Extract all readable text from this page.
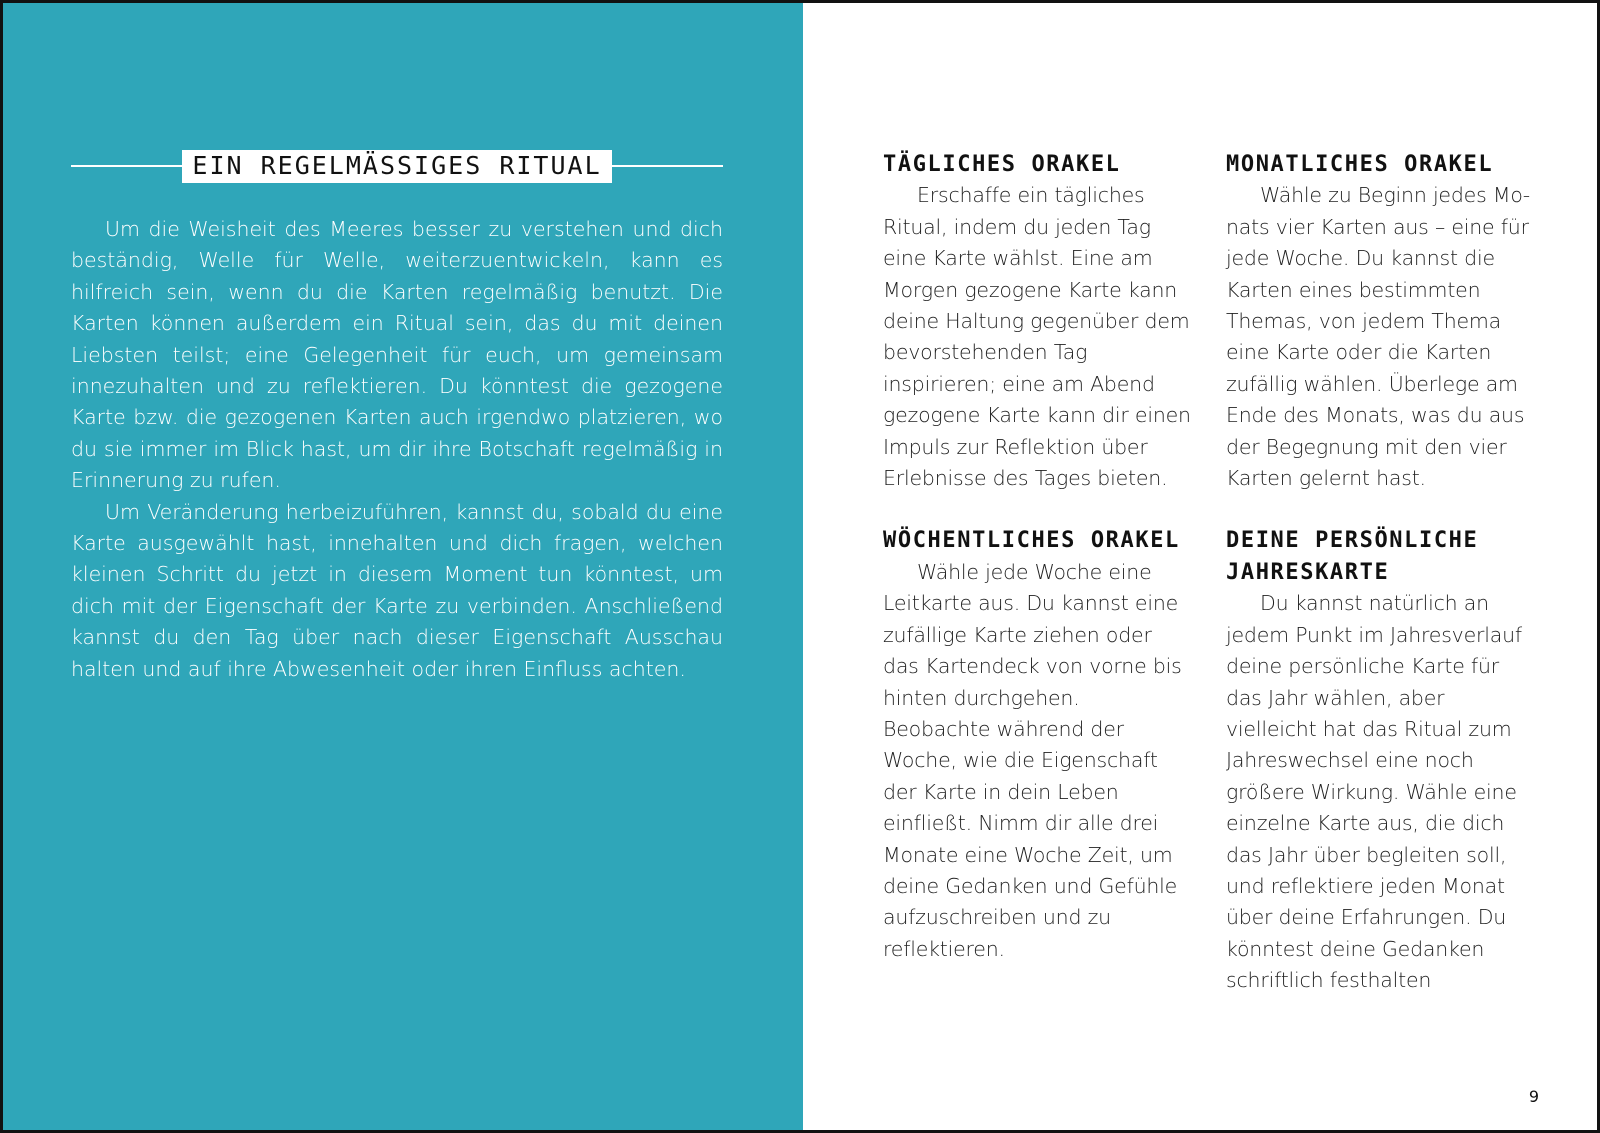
EIN REGELMÄSSIGES RITUAL

Um die Weisheit des Meeres besser zu verstehen und dich beständig, Welle für Welle, weiterzuentwickeln, kann es hilfreich sein, wenn du die Karten regelmäßig benutzt. Die Karten können außerdem ein Ritual sein, das du mit deinen Liebsten teilst; eine Gelegenheit für euch, um gemeinsam innezuhalten und zu reflektieren. Du könntest die gezogene Karte bzw. die gezogenen Karten auch irgendwo platzieren, wo du sie immer im Blick hast, um dir ihre Botschaft regelmäßig in Erinnerung zu rufen.

Um Veränderung herbeizuführen, kannst du, sobald du eine Karte ausgewählt hast, innehalten und dich fragen, welchen kleinen Schritt du jetzt in diesem Moment tun könntest, um dich mit der Eigenschaft der Karte zu verbinden. Anschließend kannst du den Tag über nach dieser Eigenschaft Ausschau halten und auf ihre Abwesenheit oder ihren Einfluss achten.

TÄGLICHES ORAKEL

Erschaffe ein tägliches Ritual, indem du jeden Tag eine Karte wählst. Eine am Morgen gezogene Karte kann deine Haltung gegenüber dem bevorstehenden Tag inspirieren; eine am Abend gezogene Karte kann dir einen Impuls zur Reflektion über Erlebnisse des Tages bieten.

WÖCHENTLICHES ORAKEL

Wähle jede Woche eine Leitkarte aus. Du kannst eine zufällige Karte ziehen oder das Kartendeck von vorne bis hinten durchgehen. Beobachte während der Woche, wie die Eigenschaft der Karte in dein Leben einfließt. Nimm dir alle drei Monate eine Woche Zeit, um deine Gedanken und Gefühle aufzuschreiben und zu reflektieren.

MONATLICHES ORAKEL

Wähle zu Beginn jedes Monats vier Karten aus – eine für jede Woche. Du kannst die Karten eines bestimmten Themas, von jedem Thema eine Karte oder die Karten zufällig wählen. Überlege am Ende des Monats, was du aus der Begegnung mit den vier Karten gelernt hast.

DEINE PERSÖNLICHE JAHRESKARTE

Du kannst natürlich an jedem Punkt im Jahresverlauf deine persönliche Karte für das Jahr wählen, aber vielleicht hat das Ritual zum Jahreswechsel eine noch größere Wirkung. Wähle eine einzelne Karte aus, die dich das Jahr über begleiten soll, und reflektiere jeden Monat über deine Erfahrungen. Du könntest deine Gedanken schriftlich festhalten

9
